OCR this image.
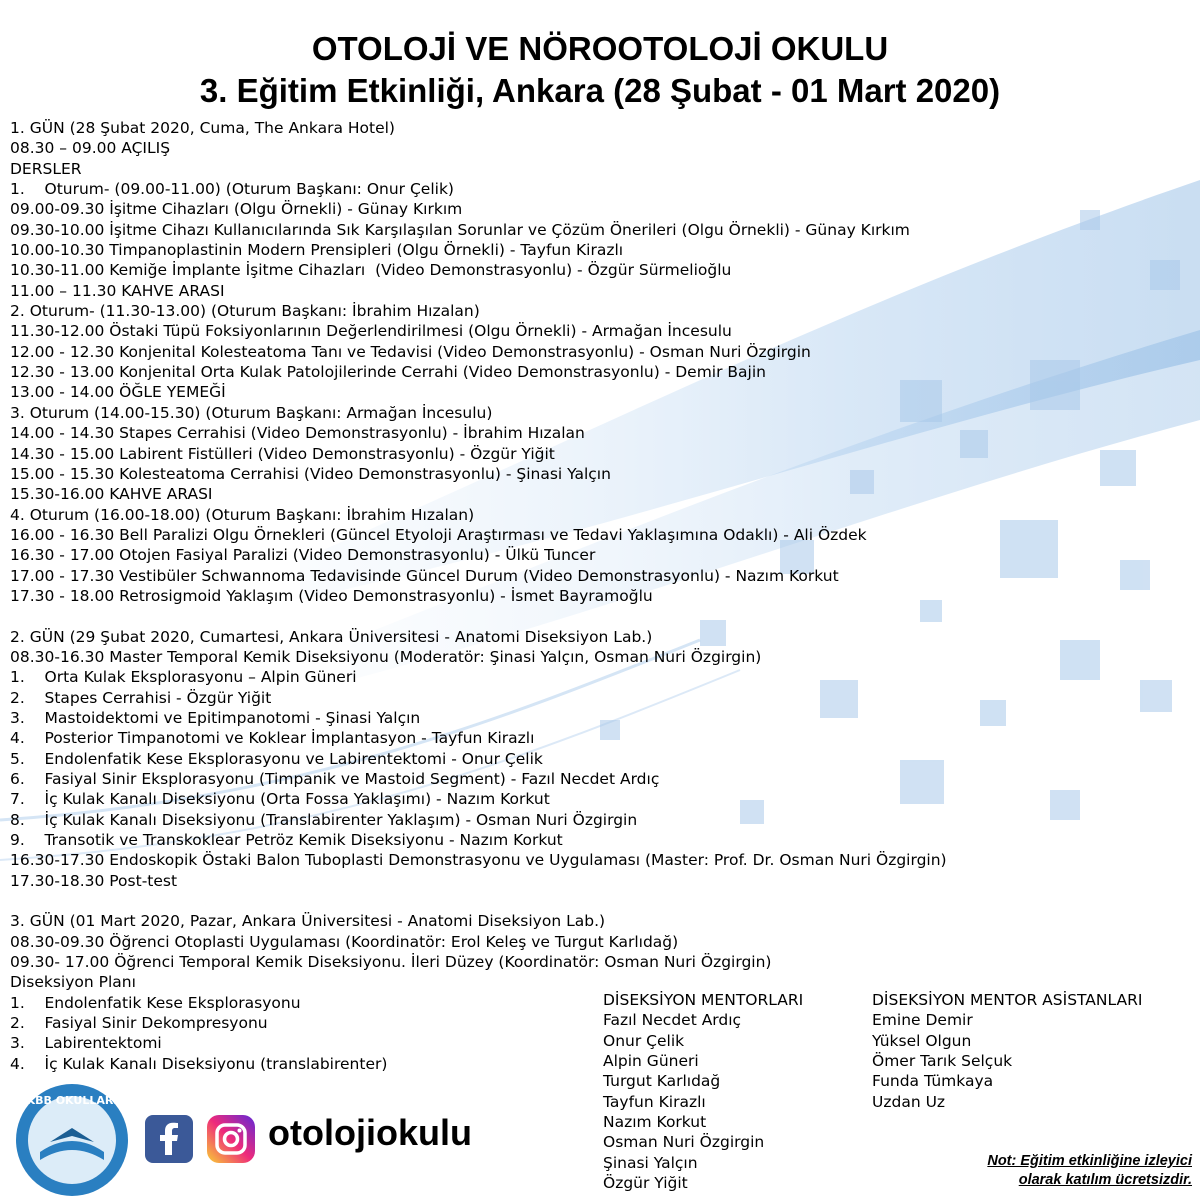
OTOLOJİ VE NÖROOTOLOJİ OKULU
3. Eğitim Etkinliği, Ankara (28 Şubat - 01 Mart 2020)
1. GÜN (28 Şubat 2020, Cuma, The Ankara Hotel)
08.30 – 09.00 AÇILIŞ
DERSLER
1.    Oturum- (09.00-11.00) (Oturum Başkanı: Onur Çelik)
09.00-09.30 İşitme Cihazları (Olgu Örnekli) - Günay Kırkım
09.30-10.00 İşitme Cihazı Kullanıcılarında Sık Karşılaşılan Sorunlar ve Çözüm Önerileri (Olgu Örnekli) - Günay Kırkım
10.00-10.30 Timpanoplastinin Modern Prensipleri (Olgu Örnekli) - Tayfun Kirazlı
10.30-11.00 Kemiğe İmplante İşitme Cihazları  (Video Demonstrasyonlu) - Özgür Sürmelioğlu
11.00 – 11.30 KAHVE ARASI
2. Oturum- (11.30-13.00) (Oturum Başkanı: İbrahim Hızalan)
11.30-12.00 Östaki Tüpü Foksiyonlarının Değerlendirilmesi (Olgu Örnekli) - Armağan İncesulu
12.00 - 12.30 Konjenital Kolesteatoma Tanı ve Tedavisi (Video Demonstrasyonlu) - Osman Nuri Özgirgin
12.30 - 13.00 Konjenital Orta Kulak Patolojilerinde Cerrahi (Video Demonstrasyonlu) - Demir Bajin
13.00 - 14.00 ÖĞLE YEMEĞİ
3. Oturum (14.00-15.30) (Oturum Başkanı: Armağan İncesulu)
14.00 - 14.30 Stapes Cerrahisi (Video Demonstrasyonlu) - İbrahim Hızalan
14.30 - 15.00 Labirent Fistülleri (Video Demonstrasyonlu) - Özgür Yiğit
15.00 - 15.30 Kolesteatoma Cerrahisi (Video Demonstrasyonlu) - Şinasi Yalçın
15.30-16.00 KAHVE ARASI
4. Oturum (16.00-18.00) (Oturum Başkanı: İbrahim Hızalan)
16.00 - 16.30 Bell Paralizi Olgu Örnekleri (Güncel Etyoloji Araştırması ve Tedavi Yaklaşımına Odaklı) - Ali Özdek
16.30 - 17.00 Otojen Fasiyal Paralizi (Video Demonstrasyonlu) - Ülkü Tuncer
17.00 - 17.30 Vestibüler Schwannoma Tedavisinde Güncel Durum (Video Demonstrasyonlu) - Nazım Korkut
17.30 - 18.00 Retrosigmoid Yaklaşım (Video Demonstrasyonlu) - İsmet Bayramoğlu
2. GÜN (29 Şubat 2020, Cumartesi, Ankara Üniversitesi - Anatomi Diseksiyon Lab.)
08.30-16.30 Master Temporal Kemik Diseksiyonu (Moderatör: Şinasi Yalçın, Osman Nuri Özgirgin)
1.    Orta Kulak Eksplorasyonu – Alpin Güneri
2.    Stapes Cerrahisi - Özgür Yiğit
3.    Mastoidektomi ve Epitimpanotomi - Şinasi Yalçın
4.    Posterior Timpanotomi ve Koklear İmplantasyon - Tayfun Kirazlı
5.    Endolenfatik Kese Eksplorasyonu ve Labirentektomi - Onur Çelik
6.    Fasiyal Sinir Eksplorasyonu (Timpanik ve Mastoid Segment) - Fazıl Necdet Ardıç
7.    İç Kulak Kanalı Diseksiyonu (Orta Fossa Yaklaşımı) - Nazım Korkut
8.    İç Kulak Kanalı Diseksiyonu (Translabirenter Yaklaşım) - Osman Nuri Özgirgin
9.    Transotik ve Transkoklear Petröz Kemik Diseksiyonu - Nazım Korkut
16.30-17.30 Endoskopik Östaki Balon Tuboplasti Demonstrasyonu ve Uygulaması (Master: Prof. Dr. Osman Nuri Özgirgin)
17.30-18.30 Post-test
3. GÜN (01 Mart 2020, Pazar, Ankara Üniversitesi - Anatomi Diseksiyon Lab.)
08.30-09.30 Öğrenci Otoplasti Uygulaması (Koordinatör: Erol Keleş ve Turgut Karlıdağ)
09.30- 17.00 Öğrenci Temporal Kemik Diseksiyonu. İleri Düzey (Koordinatör: Osman Nuri Özgirgin)
Diseksiyon Planı
1.    Endolenfatik Kese Eksplorasyonu
2.    Fasiyal Sinir Dekompresyonu
3.    Labirentektomi
4.    İç Kulak Kanalı Diseksiyonu (translabirenter)
DİSEKSİYON MENTORLARI
Fazıl Necdet Ardıç
Onur Çelik
Alpin Güneri
Turgut Karlıdağ
Tayfun Kirazlı
Nazım Korkut
Osman Nuri Özgirgin
Şinasi Yalçın
Özgür Yiğit
DİSEKSİYON MENTOR ASİSTANLARI
Emine Demir
Yüksel Olgun
Ömer Tarık Selçuk
Funda Tümkaya
Uzdan Uz
Not: Eğitim etkinliğine izleyici
olarak katılım ücretsizdir.
KBB OKULLARI
otolojiokulu
